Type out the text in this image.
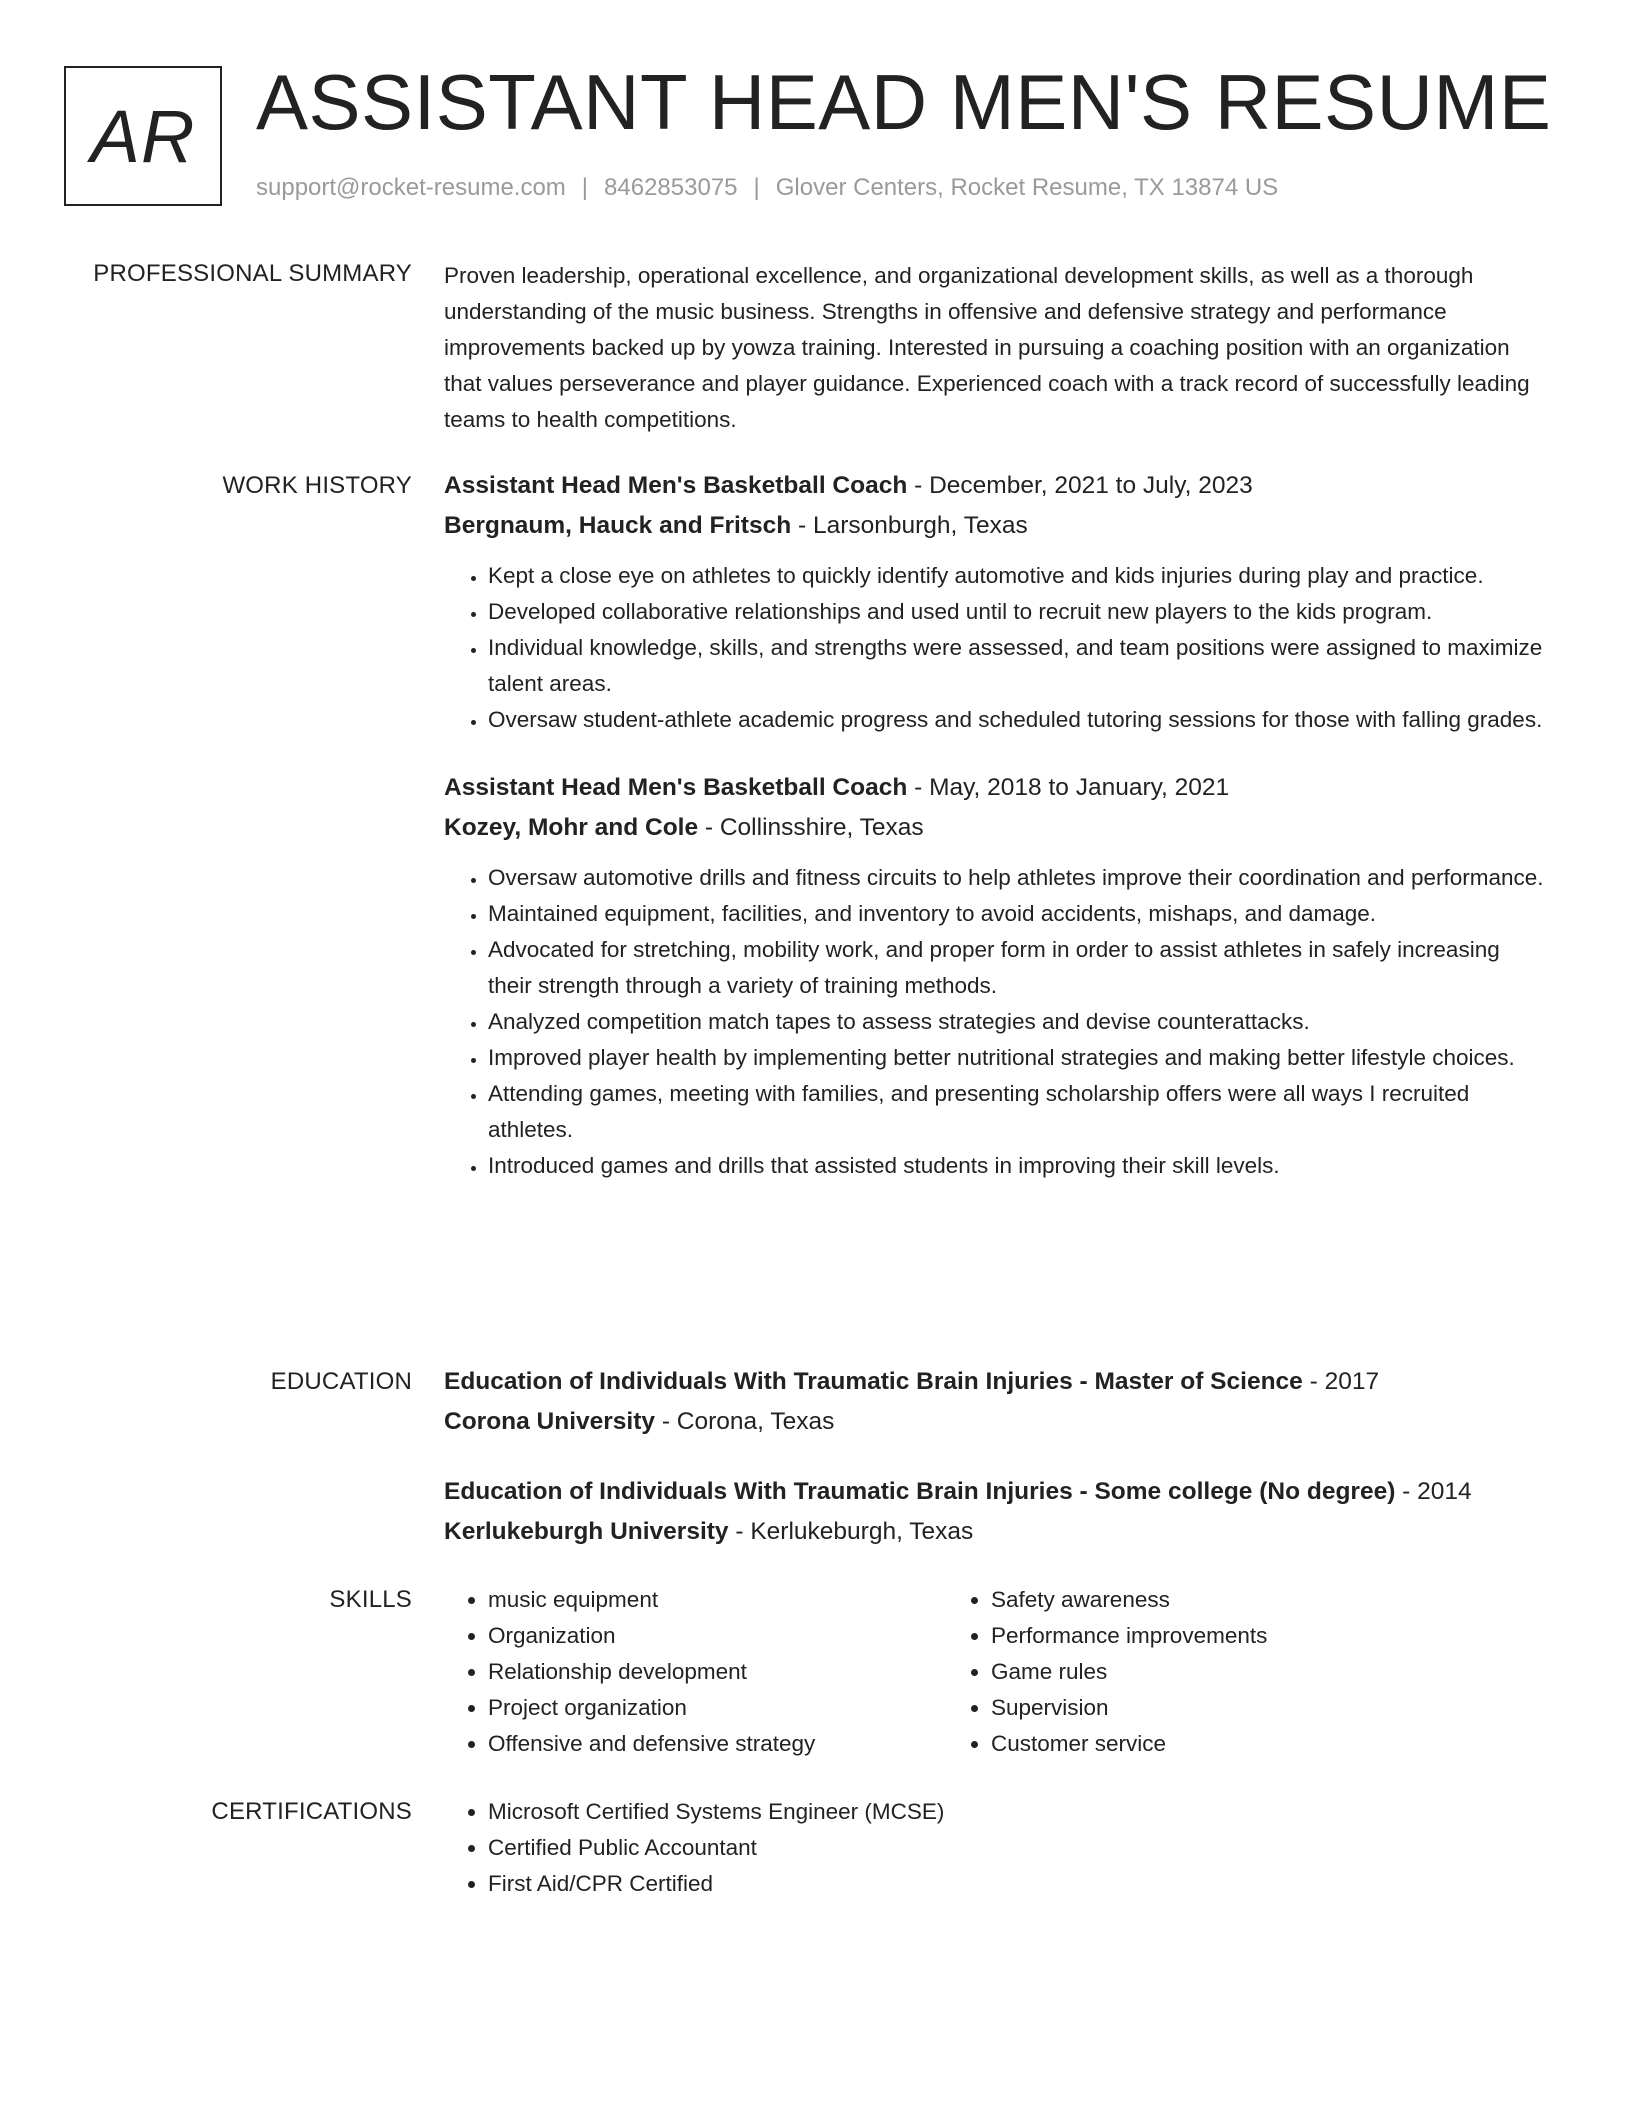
AR ASSISTANT HEAD MEN'S RESUME
support@rocket-resume.com | 8462853075 | Glover Centers, Rocket Resume, TX 13874 US
PROFESSIONAL SUMMARY Proven leadership, operational excellence, and organizational development skills, as well as a thorough understanding of the music business. Strengths in offensive and defensive strategy and performance improvements backed up by yowza training. Interested in pursuing a coaching position with an organization that values perseverance and player guidance. Experienced coach with a track record of successfully leading teams to health competitions.

WORK HISTORY Assistant Head Men's Basketball Coach - December, 2021 to July, 2023
Bergnaum, Hauck and Fritsch - Larsonburgh, Texas
• Kept a close eye on athletes to quickly identify automotive and kids injuries during play and practice.
• Developed collaborative relationships and used until to recruit new players to the kids program.
• Individual knowledge, skills, and strengths were assessed, and team positions were assigned to maximize talent areas.
• Oversaw student-athlete academic progress and scheduled tutoring sessions for those with falling grades.
Assistant Head Men's Basketball Coach - May, 2018 to January, 2021
Kozey, Mohr and Cole - Collinsshire, Texas
• Oversaw automotive drills and fitness circuits to help athletes improve their coordination and performance.
• Maintained equipment, facilities, and inventory to avoid accidents, mishaps, and damage.
• Advocated for stretching, mobility work, and proper form in order to assist athletes in safely increasing their strength through a variety of training methods.
• Analyzed competition match tapes to assess strategies and devise counterattacks.
• Improved player health by implementing better nutritional strategies and making better lifestyle choices.
• Attending games, meeting with families, and presenting scholarship offers were all ways I recruited athletes.
• Introduced games and drills that assisted students in improving their skill levels.
EDUCATION Education of Individuals With Traumatic Brain Injuries - Master of Science - 2017
Corona University - Corona, Texas
Education of Individuals With Traumatic Brain Injuries - Some college (No degree) - 2014
Kerlukeburgh University - Kerlukeburgh, Texas
SKILLS	• music equipment
• Organization
• Relationship development
• Project organization
• Offensive and defensive strategy
• Safety awareness
• Performance improvements
• Game rules
• Supervision
• Customer service
CERTIFICATIONS	• Microsoft Certified Systems Engineer (MCSE)
• Certified Public Accountant
• First Aid/CPR Certified
